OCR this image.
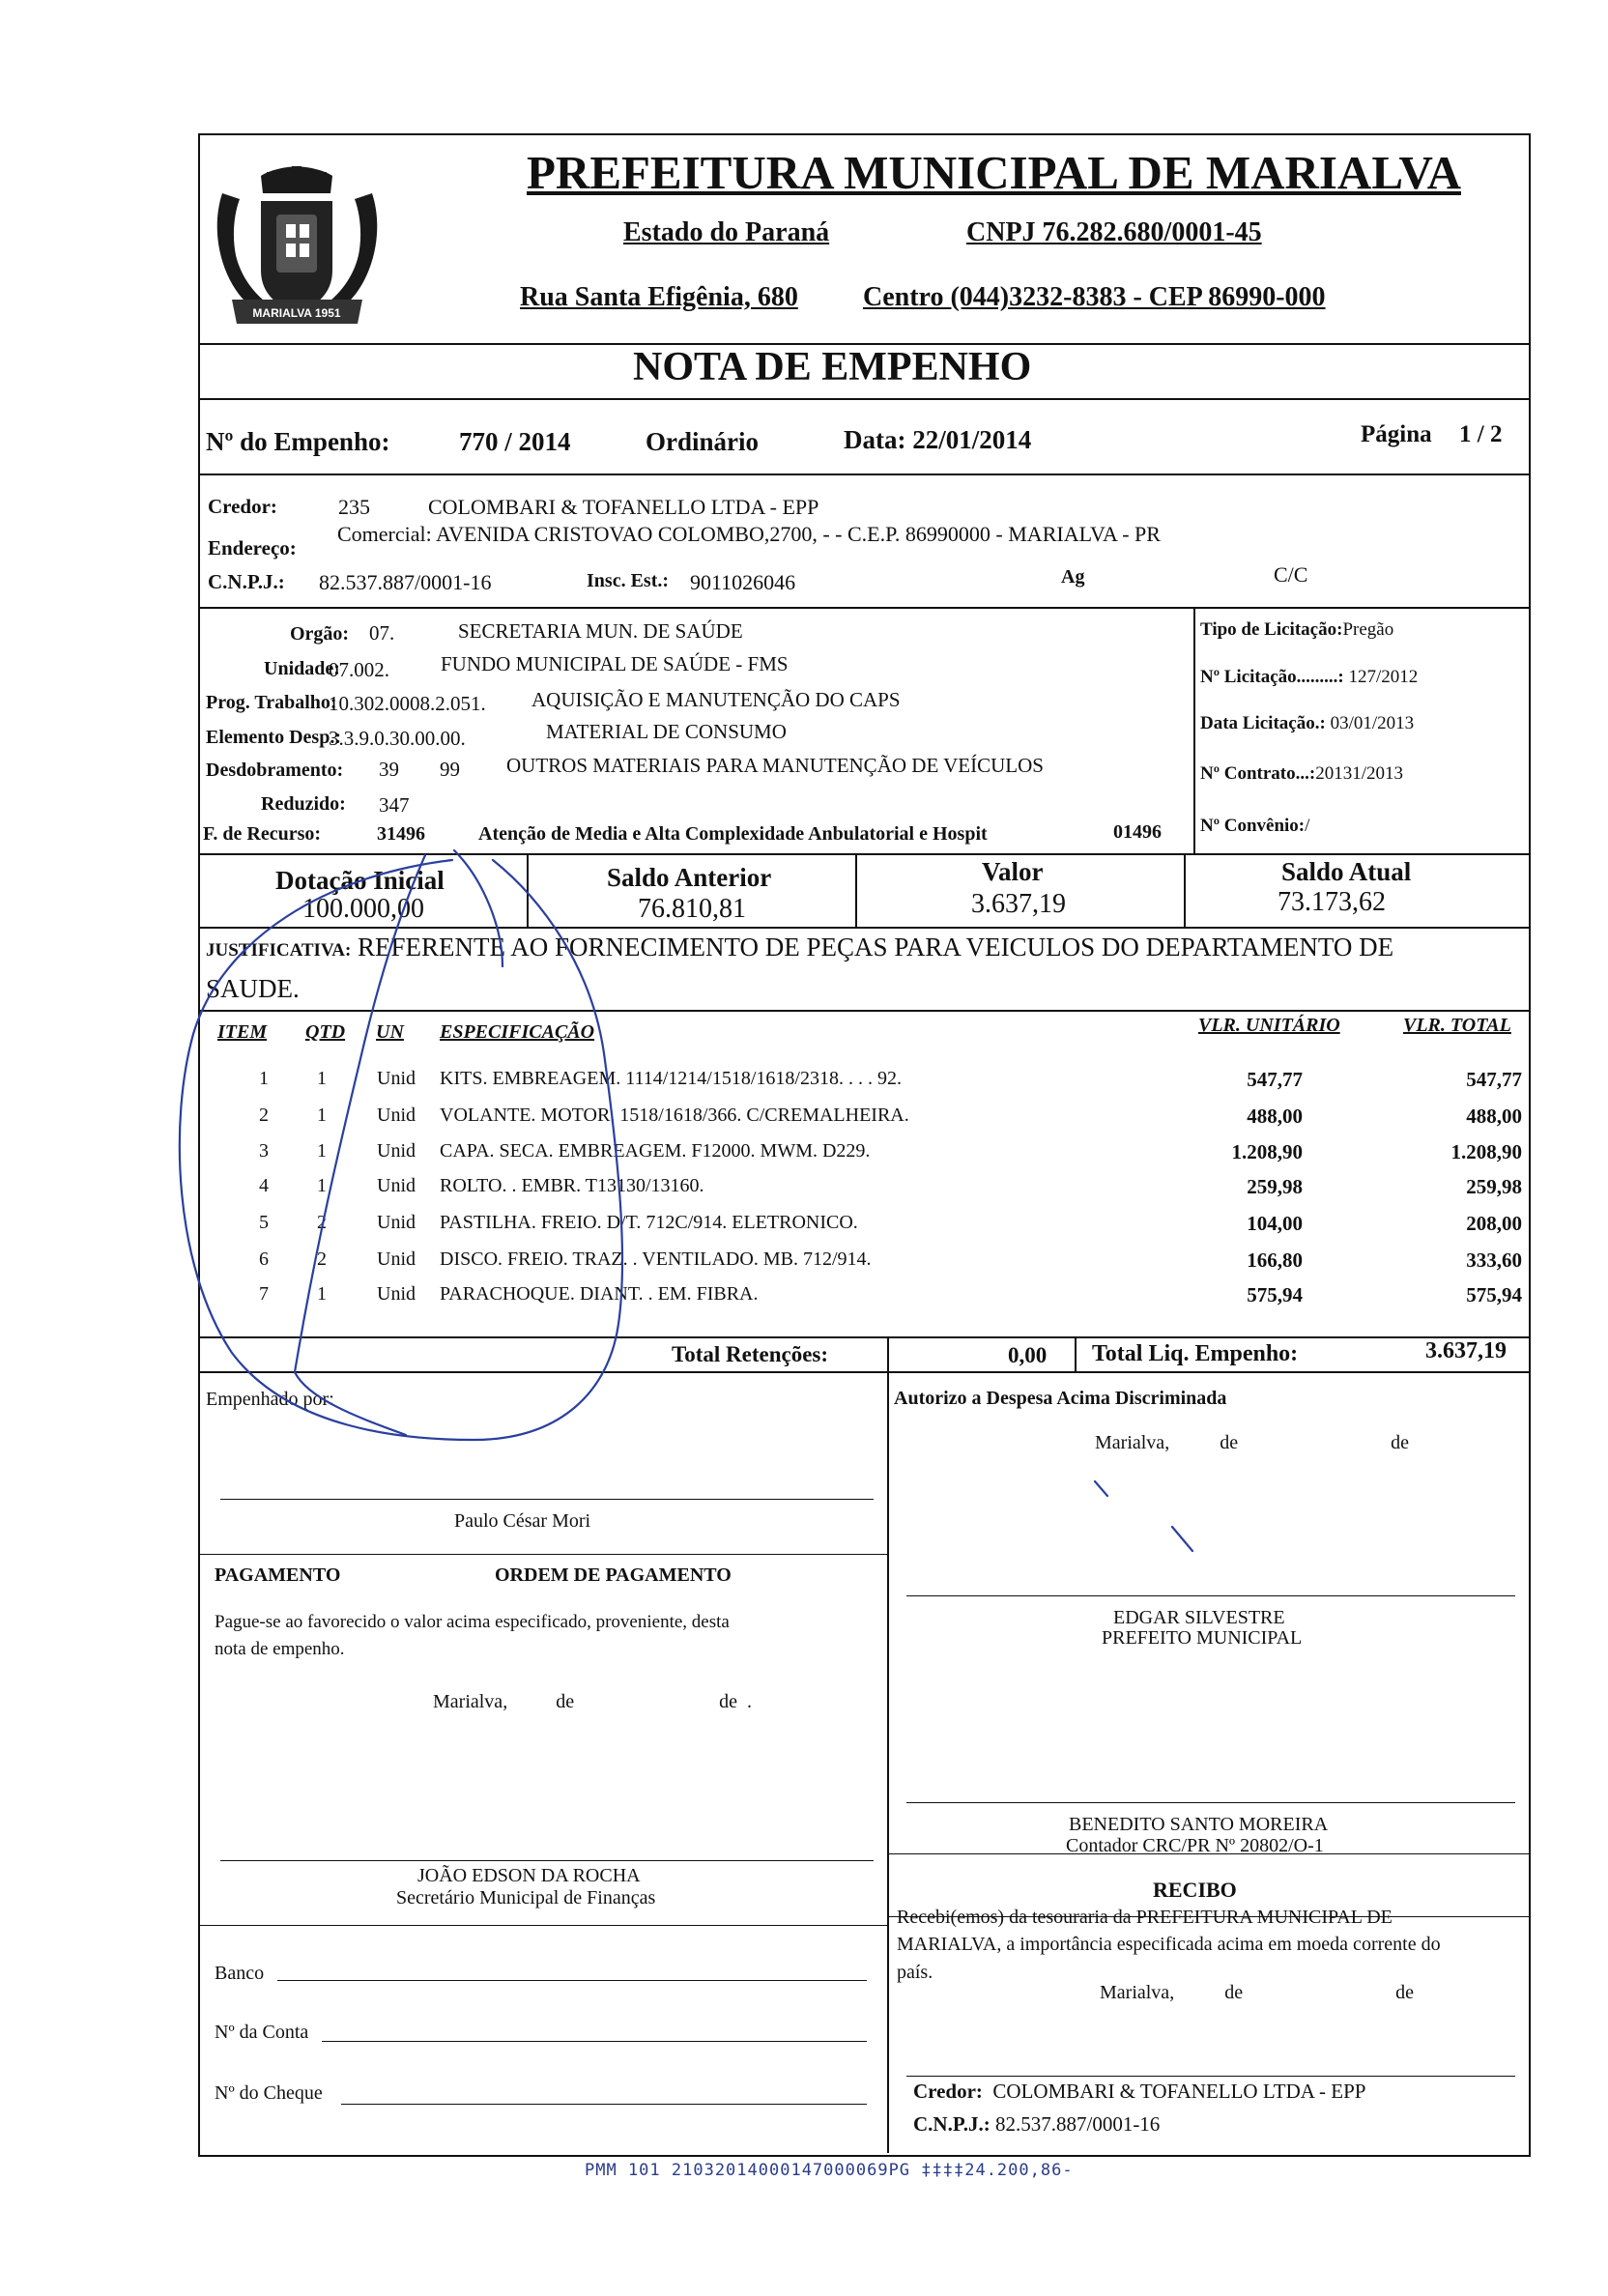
MARIALVA 1951
PREFEITURA MUNICIPAL DE MARIALVA
Estado do Paraná	CNPJ 76.282.680/0001-45
Rua Santa Efigênia, 680 Centro (044)3232-8383 - CEP 86990-000
NOTA DE EMPENHO
Nº do Empenho:	770 / 2014	Ordinário	Data: 22/01/2014	Página 1 / 2
Credor:	235	COLOMBARI & TOFANELLO LTDA - EPP
Endereço:
Comercial: AVENIDA CRISTOVAO COLOMBO,2700, - - C.E.P. 86990000 - MARIALVA - PR
C.N.P.J.: 82.537.887/0001-16	Insc. Est.: 9011026046	Ag	C/C
Orgão: 07.	SECRETARIA MUN. DE SAÚDE
Unidade:
07.002.	FUNDO MUNICIPAL DE SAÚDE - FMS
Prog. Trabalho:
10.302.0008.2.051. AQUISIÇÃO E MANUTENÇÃO DO CAPS
Elemento Desp.:
3.3.9.0.30.00.00.	MATERIAL DE CONSUMO
Desdobramento: 39 99 OUTROS MATERIAIS PARA MANUTENÇÃO DE VEÍCULOS
Reduzido: 347
F. de Recurso:	31496	Atenção de Media e Alta Complexidade Anbulatorial e Hospit	01496
Tipo de Licitação:Pregão
Nº Licitação.........: 127/2012
Data Licitação.: 03/01/2013
Nº Contrato...:20131/2013
Nº Convênio:/
Dotação Inicial
100.000,00
Saldo Anterior
76.810,81
Valor
3.637,19
Saldo Atual
73.173,62
JUSTIFICATIVA: REFERENTE AO FORNECIMENTO DE PEÇAS PARA VEICULOS DO DEPARTAMENTO DE
SAUDE.
ITEM QTD UN ESPECIFICAÇÃO	VLR. UNITÁRIO	VLR. TOTAL
1	1	Unid KITS. EMBREAGEM. 1114/1214/1518/1618/2318. . . . 92.	547,77	547,77
2	1	Unid VOLANTE. MOTOR. 1518/1618/366. C/CREMALHEIRA.	488,00	488,00
3	1	Unid CAPA. SECA. EMBREAGEM. F12000. MWM. D229.	1.208,90	1.208,90
4	1	Unid ROLTO. . EMBR. T13130/13160.	259,98	259,98
5	2	Unid PASTILHA. FREIO. D/T. 712C/914. ELETRONICO.	104,00	208,00
6	2	Unid DISCO. FREIO. TRAZ. . VENTILADO. MB. 712/914.	166,80	333,60
7	1	Unid PARACHOQUE. DIANT. . EM. FIBRA.	575,94	575,94
Total Retenções:	0,00 Total Liq. Empenho:	3.637,19
Empenhado por:
Paulo César Mori
Autorizo a Despesa Acima Discriminada
Marialva,	de	de
EDGAR SILVESTRE
PREFEITO MUNICIPAL
PAGAMENTO	ORDEM DE PAGAMENTO
Pague-se ao favorecido o valor acima especificado, proveniente, desta
nota de empenho.
Marialva,	de	de  .
BENEDITO SANTO MOREIRA
Contador CRC/PR Nº 20802/O-1
JOÃO EDSON DA ROCHA
Secretário Municipal de Finanças
Banco
Nº da Conta
Nº do Cheque
RECIBO
Recebi(emos) da tesouraria da PREFEITURA MUNICIPAL DE
MARIALVA, a importância especificada acima em moeda corrente do
país.
Marialva,	de	de
Credor: COLOMBARI & TOFANELLO LTDA - EPP
C.N.P.J.: 82.537.887/0001-16
PMM 101 21032014000147000069PG ‡‡‡‡24.200,86-
